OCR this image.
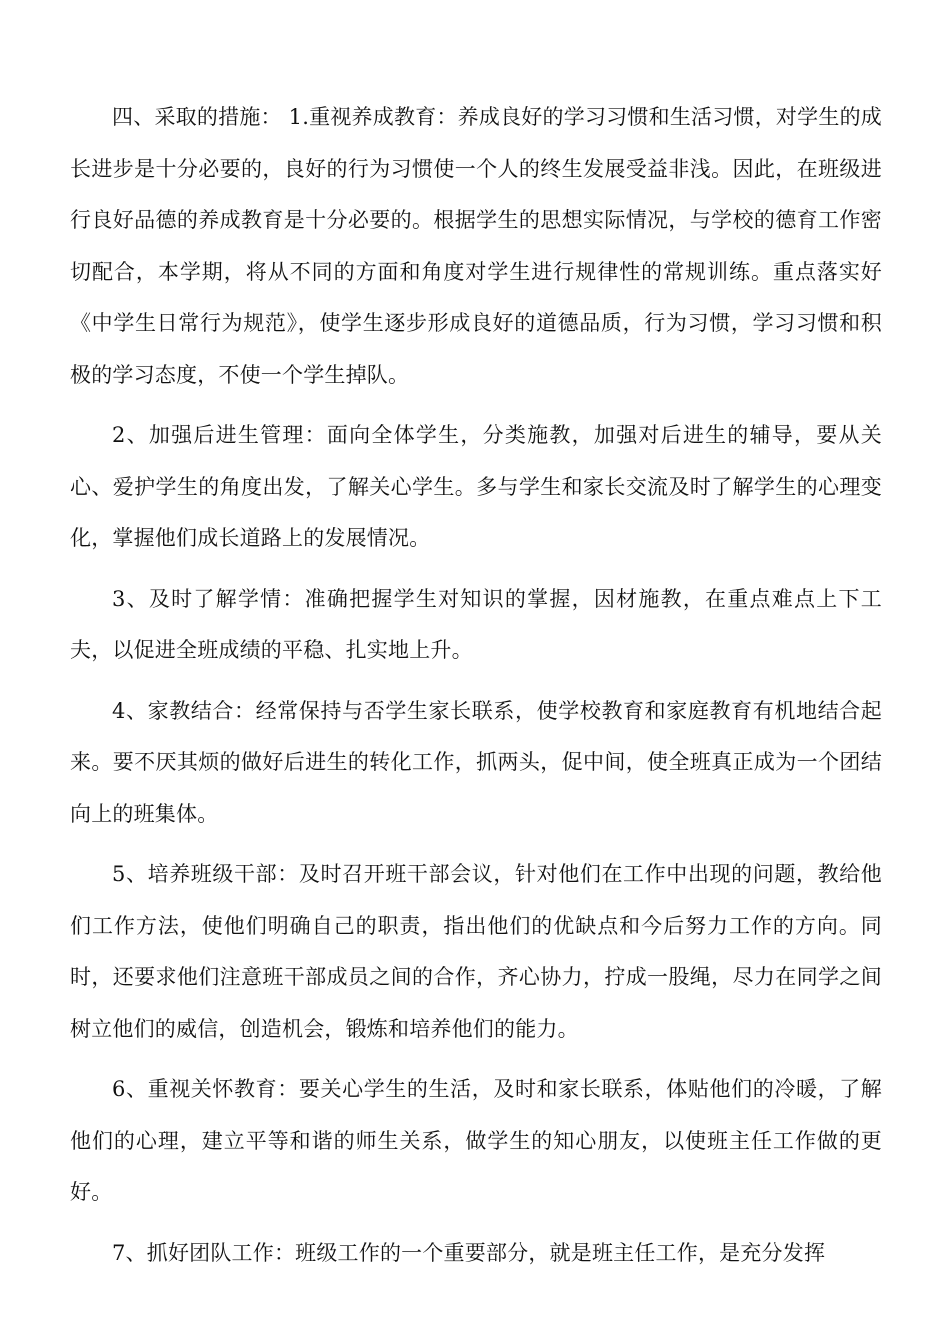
四、采取的措施： 1.重视养成教育：养成良好的学习习惯和生活习惯，对学生的成长进步是十分必要的，良好的行为习惯使一个人的终生发展受益非浅。因此，在班级进行良好品德的养成教育是十分必要的。根据学生的思想实际情况，与学校的德育工作密切配合，本学期，将从不同的方面和角度对学生进行规律性的常规训练。重点落实好《中学生日常行为规范》，使学生逐步形成良好的道德品质，行为习惯，学习习惯和积极的学习态度，不使一个学生掉队。

2、加强后进生管理：面向全体学生，分类施教，加强对后进生的辅导，要从关心、爱护学生的角度出发，了解关心学生。多与学生和家长交流及时了解学生的心理变化，掌握他们成长道路上的发展情况。

3、及时了解学情：准确把握学生对知识的掌握，因材施教，在重点难点上下工夫，以促进全班成绩的平稳、扎实地上升。

4、家教结合：经常保持与否学生家长联系，使学校教育和家庭教育有机地结合起来。要不厌其烦的做好后进生的转化工作，抓两头，促中间，使全班真正成为一个团结向上的班集体。

5、培养班级干部：及时召开班干部会议，针对他们在工作中出现的问题，教给他们工作方法，使他们明确自己的职责，指出他们的优缺点和今后努力工作的方向。同时，还要求他们注意班干部成员之间的合作，齐心协力，拧成一股绳，尽力在同学之间树立他们的威信，创造机会，锻炼和培养他们的能力。

6、重视关怀教育：要关心学生的生活，及时和家长联系，体贴他们的冷暖，了解他们的心理，建立平等和谐的师生关系，做学生的知心朋友，以使班主任工作做的更好。

7、抓好团队工作：班级工作的一个重要部分，就是班主任工作，是充分发挥
